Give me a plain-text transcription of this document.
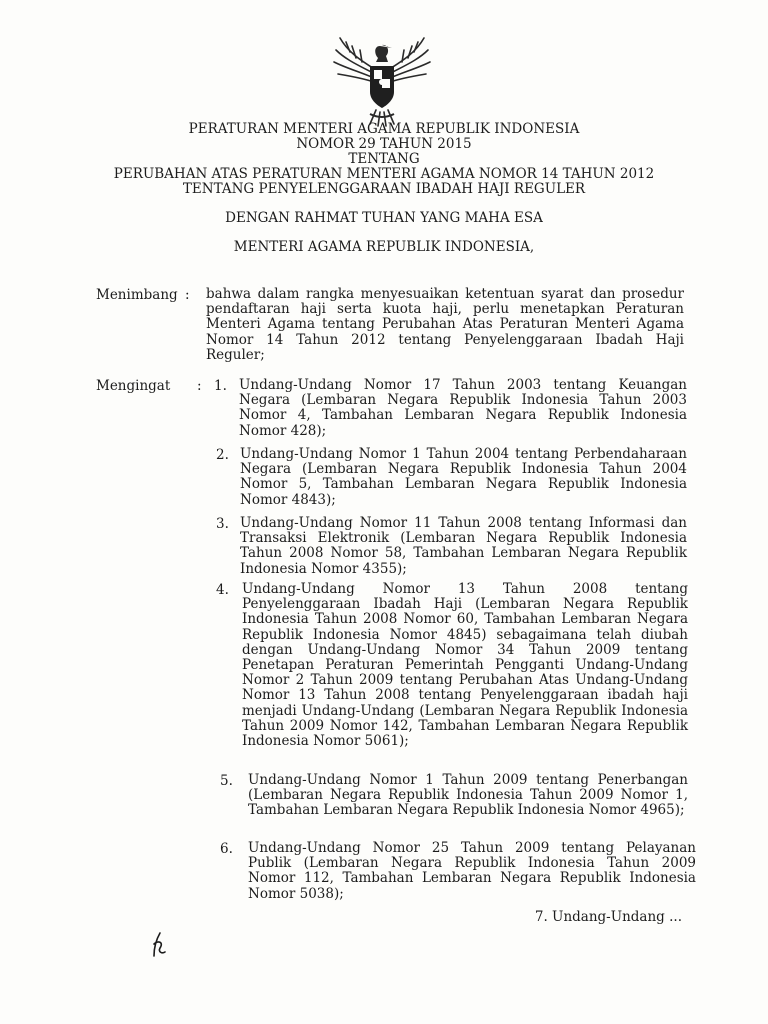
PERATURAN MENTERI AGAMA REPUBLIK INDONESIA
NOMOR 29 TAHUN 2015
TENTANG
PERUBAHAN ATAS PERATURAN MENTERI AGAMA NOMOR 14 TAHUN 2012
TENTANG PENYELENGGARAAN IBADAH HAJI REGULER
DENGAN RAHMAT TUHAN YANG MAHA ESA
MENTERI AGAMA REPUBLIK INDONESIA,
Menimbang : bahwa dalam rangka menyesuaikan ketentuan syarat dan prosedur pendaftaran haji serta kuota haji, perlu menetapkan Peraturan Menteri Agama tentang Perubahan Atas Peraturan Menteri Agama Nomor 14 Tahun 2012 tentang Penyelenggaraan Ibadah Haji Reguler;
Mengingat : 1. Undang-Undang Nomor 17 Tahun 2003 tentang Keuangan Negara (Lembaran Negara Republik Indonesia Tahun 2003 Nomor 4, Tambahan Lembaran Negara Republik Indonesia Nomor 428);
2. Undang-Undang Nomor 1 Tahun 2004 tentang Perbendaharaan Negara (Lembaran Negara Republik Indonesia Tahun 2004 Nomor 5, Tambahan Lembaran Negara Republik Indonesia Nomor 4843);
3. Undang-Undang Nomor 11 Tahun 2008 tentang Informasi dan Transaksi Elektronik (Lembaran Negara Republik Indonesia Tahun 2008 Nomor 58, Tambahan Lembaran Negara Republik Indonesia Nomor 4355);
4. Undang-Undang Nomor 13 Tahun 2008 tentang Penyelenggaraan Ibadah Haji (Lembaran Negara Republik Indonesia Tahun 2008 Nomor 60, Tambahan Lembaran Negara Republik Indonesia Nomor 4845) sebagaimana telah diubah dengan Undang-Undang Nomor 34 Tahun 2009 tentang Penetapan Peraturan Pemerintah Pengganti Undang-Undang Nomor 2 Tahun 2009 tentang Perubahan Atas Undang-Undang Nomor 13 Tahun 2008 tentang Penyelenggaraan ibadah haji menjadi Undang-Undang (Lembaran Negara Republik Indonesia Tahun 2009 Nomor 142, Tambahan Lembaran Negara Republik Indonesia Nomor 5061);
5. Undang-Undang Nomor 1 Tahun 2009 tentang Penerbangan (Lembaran Negara Republik Indonesia Tahun 2009 Nomor 1, Tambahan Lembaran Negara Republik Indonesia Nomor 4965);
6. Undang-Undang Nomor 25 Tahun 2009 tentang Pelayanan Publik (Lembaran Negara Republik Indonesia Tahun 2009 Nomor 112, Tambahan Lembaran Negara Republik Indonesia Nomor 5038);
7. Undang-Undang ...
